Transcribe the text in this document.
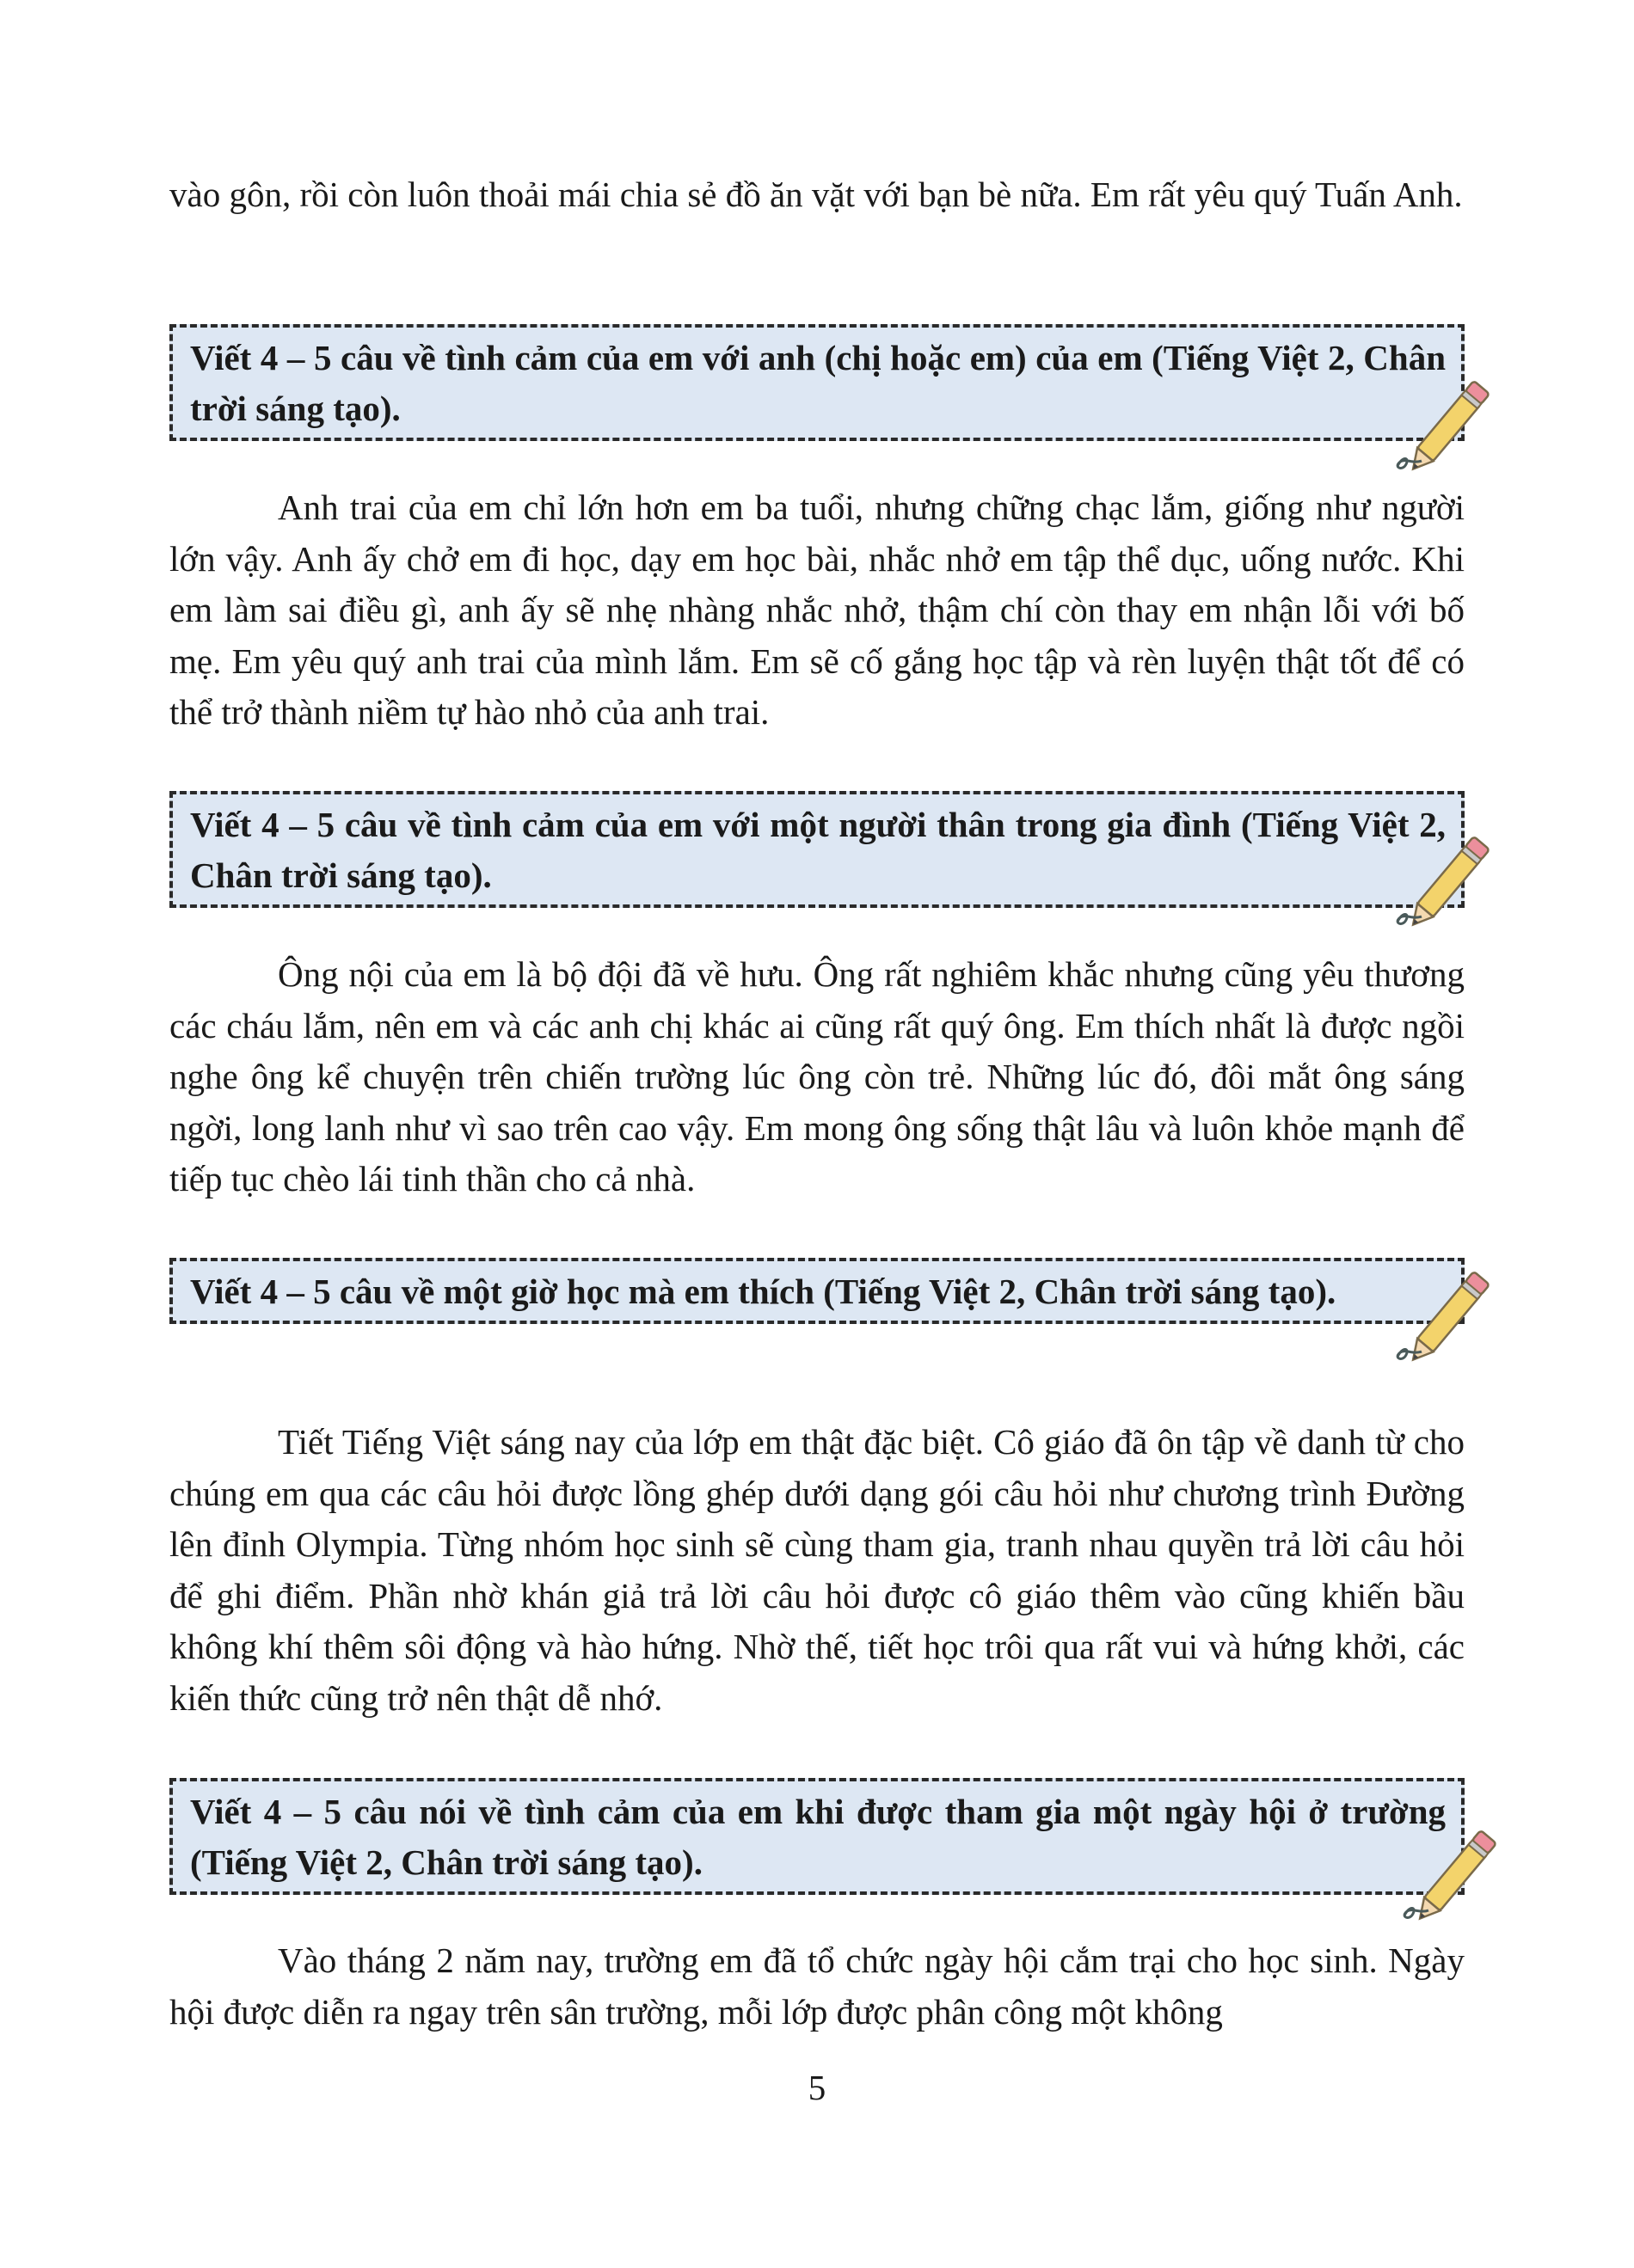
vào gôn, rồi còn luôn thoải mái chia sẻ đồ ăn vặt với bạn bè nữa. Em rất yêu quý Tuấn Anh.

Viết 4 – 5 câu về tình cảm của em với anh (chị hoặc em) của em (Tiếng Việt 2, Chân trời sáng tạo).

Anh trai của em chỉ lớn hơn em ba tuổi, nhưng chững chạc lắm, giống như người lớn vậy. Anh ấy chở em đi học, dạy em học bài, nhắc nhở em tập thể dục, uống nước. Khi em làm sai điều gì, anh ấy sẽ nhẹ nhàng nhắc nhở, thậm chí còn thay em nhận lỗi với bố mẹ. Em yêu quý anh trai của mình lắm. Em sẽ cố gắng học tập và rèn luyện thật tốt để có thể trở thành niềm tự hào nhỏ của anh trai.

Viết 4 – 5 câu về tình cảm của em với một người thân trong gia đình (Tiếng Việt 2, Chân trời sáng tạo).

Ông nội của em là bộ đội đã về hưu. Ông rất nghiêm khắc nhưng cũng yêu thương các cháu lắm, nên em và các anh chị khác ai cũng rất quý ông. Em thích nhất là được ngồi nghe ông kể chuyện trên chiến trường lúc ông còn trẻ. Những lúc đó, đôi mắt ông sáng ngời, long lanh như vì sao trên cao vậy. Em mong ông sống thật lâu và luôn khỏe mạnh để tiếp tục chèo lái tinh thần cho cả nhà.

Viết 4 – 5 câu về một giờ học mà em thích (Tiếng Việt 2, Chân trời sáng tạo).

Tiết Tiếng Việt sáng nay của lớp em thật đặc biệt. Cô giáo đã ôn tập về danh từ cho chúng em qua các câu hỏi được lồng ghép dưới dạng gói câu hỏi như chương trình Đường lên đỉnh Olympia. Từng nhóm học sinh sẽ cùng tham gia, tranh nhau quyền trả lời câu hỏi để ghi điểm. Phần nhờ khán giả trả lời câu hỏi được cô giáo thêm vào cũng khiến bầu không khí thêm sôi động và hào hứng. Nhờ thế, tiết học trôi qua rất vui và hứng khởi, các kiến thức cũng trở nên thật dễ nhớ.

Viết 4 – 5 câu nói về tình cảm của em khi được tham gia một ngày hội ở trường (Tiếng Việt 2, Chân trời sáng tạo).

Vào tháng 2 năm nay, trường em đã tổ chức ngày hội cắm trại cho học sinh. Ngày hội được diễn ra ngay trên sân trường, mỗi lớp được phân công một không

5
